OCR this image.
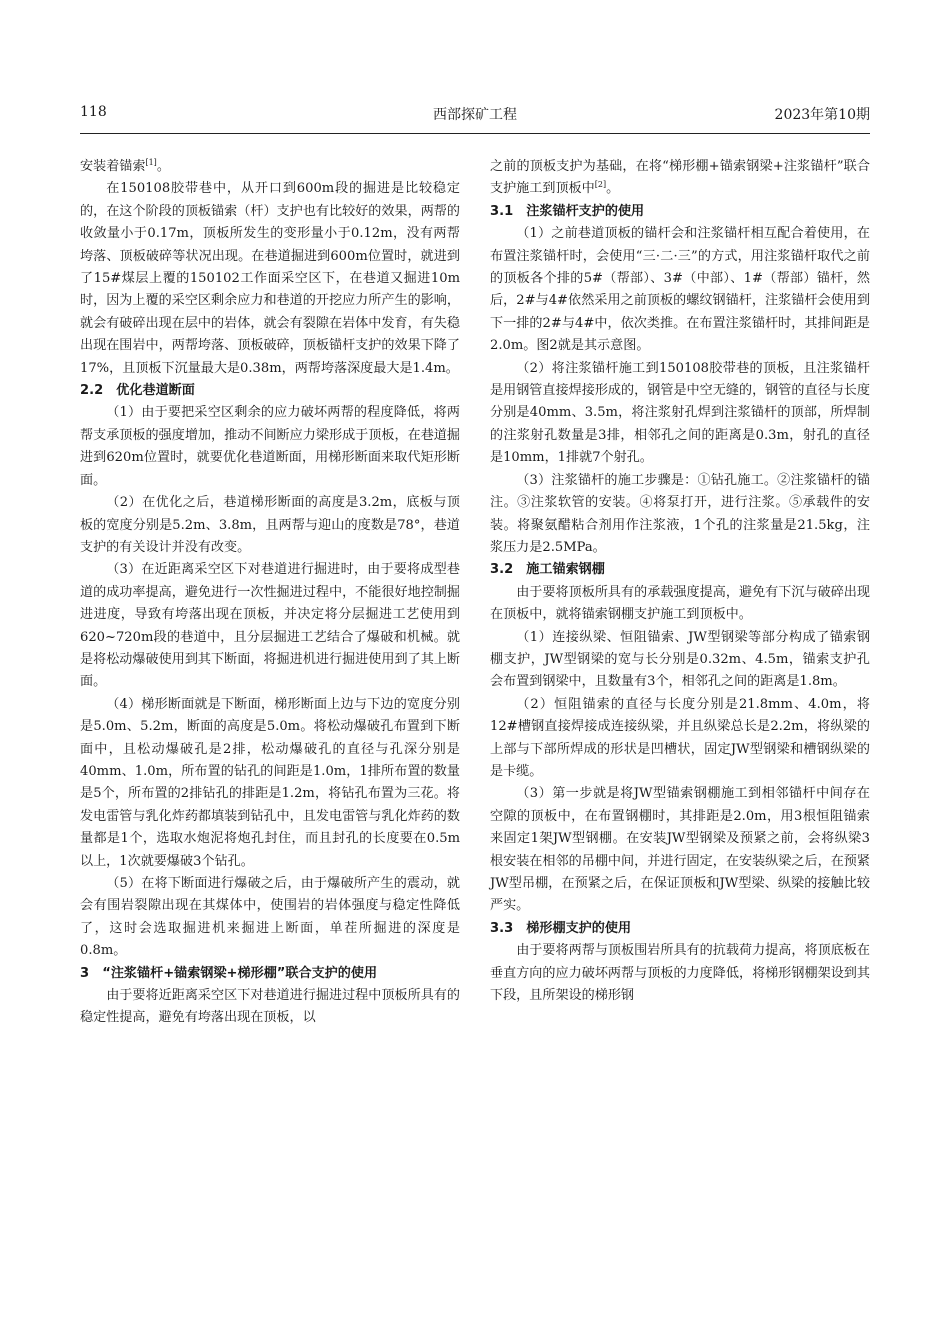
118	西部探矿工程	2023年第10期

安装着锚索[1]。

在150108胶带巷中，从开口到600m段的掘进是比较稳定的，在这个阶段的顶板锚索（杆）支护也有比较好的效果，两帮的收敛量小于0.17m，顶板所发生的变形量小于0.12m，没有两帮垮落、顶板破碎等状况出现。在巷道掘进到600m位置时，就进到了15#煤层上覆的150102工作面采空区下，在巷道又掘进10m时，因为上覆的采空区剩余应力和巷道的开挖应力所产生的影响，就会有破碎出现在层中的岩体，就会有裂隙在岩体中发育，有失稳出现在围岩中，两帮垮落、顶板破碎，顶板锚杆支护的效果下降了17%，且顶板下沉量最大是0.38m，两帮垮落深度最大是1.4m。

2.2 优化巷道断面

（1）由于要把采空区剩余的应力破坏两帮的程度降低，将两帮支承顶板的强度增加，推动不间断应力梁形成于顶板，在巷道掘进到620m位置时，就要优化巷道断面，用梯形断面来取代矩形断面。

（2）在优化之后，巷道梯形断面的高度是3.2m，底板与顶板的宽度分别是5.2m、3.8m，且两帮与迎山的度数是78°，巷道支护的有关设计并没有改变。

（3）在近距离采空区下对巷道进行掘进时，由于要将成型巷道的成功率提高，避免进行一次性掘进过程中，不能很好地控制掘进进度，导致有垮落出现在顶板，并决定将分层掘进工艺使用到620~720m段的巷道中，且分层掘进工艺结合了爆破和机械。就是将松动爆破使用到其下断面，将掘进机进行掘进使用到了其上断面。

（4）梯形断面就是下断面，梯形断面上边与下边的宽度分别是5.0m、5.2m，断面的高度是5.0m。将松动爆破孔布置到下断面中，且松动爆破孔是2排，松动爆破孔的直径与孔深分别是40mm、1.0m，所布置的钻孔的间距是1.0m，1排所布置的数量是5个，所布置的2排钻孔的排距是1.2m，将钻孔布置为三花。将发电雷管与乳化炸药都填装到钻孔中，且发电雷管与乳化炸药的数量都是1个，选取水炮泥将炮孔封住，而且封孔的长度要在0.5m以上，1次就要爆破3个钻孔。

（5）在将下断面进行爆破之后，由于爆破所产生的震动，就会有围岩裂隙出现在其煤体中，使围岩的岩体强度与稳定性降低了，这时会选取掘进机来掘进上断面，单茬所掘进的深度是0.8m。

3 “注浆锚杆+锚索钢梁+梯形棚”联合支护的使用

由于要将近距离采空区下对巷道进行掘进过程中顶板所具有的稳定性提高，避免有垮落出现在顶板，以

之前的顶板支护为基础，在将“梯形棚+锚索钢梁+注浆锚杆”联合支护施工到顶板中[2]。

3.1 注浆锚杆支护的使用

（1）之前巷道顶板的锚杆会和注浆锚杆相互配合着使用，在布置注浆锚杆时，会使用“三·二·三”的方式，用注浆锚杆取代之前的顶板各个排的5#（帮部）、3#（中部）、1#（帮部）锚杆，然后，2#与4#依然采用之前顶板的螺纹钢锚杆，注浆锚杆会使用到下一排的2#与4#中，依次类推。在布置注浆锚杆时，其排间距是2.0m。图2就是其示意图。

（2）将注浆锚杆施工到150108胶带巷的顶板，且注浆锚杆是用钢管直接焊接形成的，钢管是中空无缝的，钢管的直径与长度分别是40mm、3.5m，将注浆射孔焊到注浆锚杆的顶部，所焊制的注浆射孔数量是3排，相邻孔之间的距离是0.3m，射孔的直径是10mm，1排就7个射孔。

（3）注浆锚杆的施工步骤是：①钻孔施工。②注浆锚杆的锚注。③注浆软管的安装。④将泵打开，进行注浆。⑤承载件的安装。将聚氨醋粘合剂用作注浆液，1个孔的注浆量是21.5kg，注浆压力是2.5MPa。

3.2 施工锚索钢棚

由于要将顶板所具有的承载强度提高，避免有下沉与破碎出现在顶板中，就将锚索钢棚支护施工到顶板中。

（1）连接纵梁、恒阻锚索、JW型钢梁等部分构成了锚索钢棚支护，JW型钢梁的宽与长分别是0.32m、4.5m，锚索支护孔会布置到钢梁中，且数量有3个，相邻孔之间的距离是1.8m。

（2）恒阻锚索的直径与长度分别是21.8mm、4.0m，将12#槽钢直接焊接成连接纵梁，并且纵梁总长是2.2m，将纵梁的上部与下部所焊成的形状是凹槽状，固定JW型钢梁和槽钢纵梁的是卡缆。

（3）第一步就是将JW型锚索钢棚施工到相邻锚杆中间存在空隙的顶板中，在布置钢棚时，其排距是2.0m，用3根恒阻锚索来固定1架JW型钢棚。在安装JW型钢梁及预紧之前，会将纵梁3根安装在相邻的吊棚中间，并进行固定，在安装纵梁之后，在预紧JW型吊棚，在预紧之后，在保证顶板和JW型梁、纵梁的接触比较严实。

3.3 梯形棚支护的使用

由于要将两帮与顶板围岩所具有的抗载荷力提高，将顶底板在垂直方向的应力破坏两帮与顶板的力度降低，将梯形钢棚架设到其下段，且所架设的梯形钢
